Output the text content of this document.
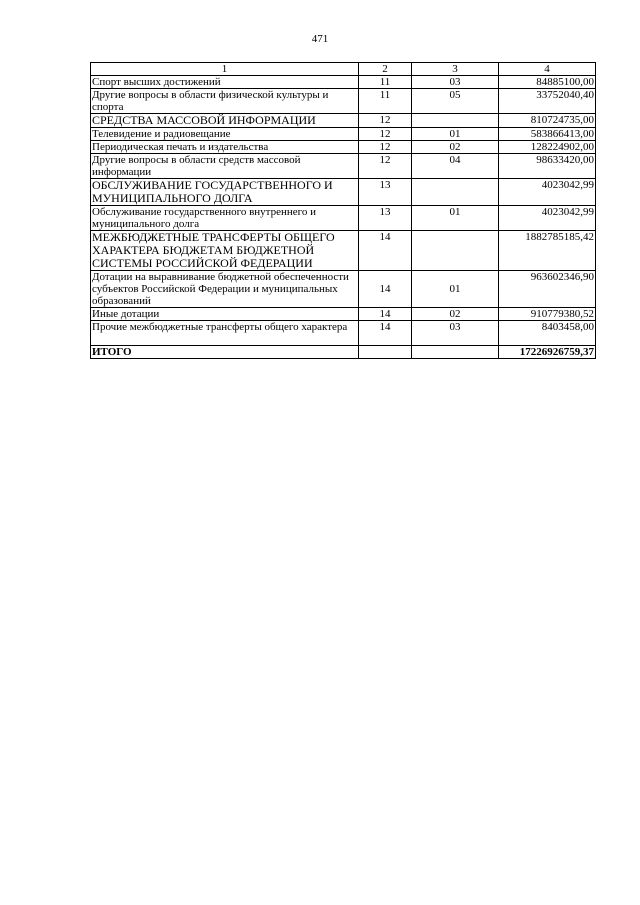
471
1	2	3	4
Спорт высших достижений	11	03	84885100,00
Другие вопросы в области физической культуры и спорта	11	05	33752040,40
СРЕДСТВА МАССОВОЙ ИНФОРМАЦИИ	12		810724735,00
Телевидение и радиовещание	12	01	583866413,00
Периодическая печать и издательства	12	02	128224902,00
Другие вопросы в области средств массовой информации	12	04	98633420,00
ОБСЛУЖИВАНИЕ ГОСУДАРСТВЕННОГО И МУНИЦИПАЛЬНОГО ДОЛГА	13		4023042,99
Обслуживание государственного внутреннего и муниципального долга	13	01	4023042,99
МЕЖБЮДЖЕТНЫЕ ТРАНСФЕРТЫ ОБЩЕГО ХАРАКТЕРА БЮДЖЕТАМ БЮДЖЕТНОЙ СИСТЕМЫ РОССИЙСКОЙ ФЕДЕРАЦИИ	14		1882785185,42
Дотации на выравнивание бюджетной обеспеченности субъектов Российской Федерации и муниципальных образований	14	01	963602346,90
Иные дотации	14	02	910779380,52
Прочие межбюджетные трансферты общего характера	14	03	8403458,00
ИТОГО			17226926759,37
